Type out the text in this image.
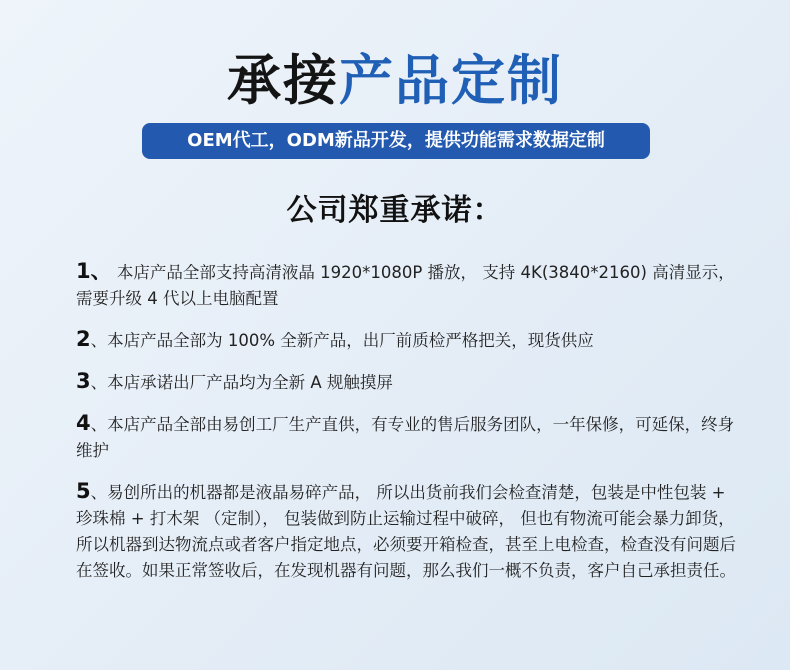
承接产品定制
OEM代工，ODM新品开发，提供功能需求数据定制
公司郑重承诺：
1、 本店产品全部支持高清液晶 1920*1080P 播放， 支持 4K(3840*2160) 高清显示，需要升级 4 代以上电脑配置
2、本店产品全部为 100% 全新产品，出厂前质检严格把关，现货供应
3、本店承诺出厂产品均为全新 A 规触摸屏
4、本店产品全部由易创工厂生产直供，有专业的售后服务团队，一年保修，可延保，终身维护
5、易创所出的机器都是液晶易碎产品， 所以出货前我们会检查清楚，包装是中性包装 + 珍珠棉 + 打木架 （定制）， 包装做到防止运输过程中破碎， 但也有物流可能会暴力卸货， 所以机器到达物流点或者客户指定地点，必须要开箱检查，甚至上电检查，检查没有问题后在签收。如果正常签收后，在发现机器有问题，那么我们一概不负责，客户自己承担责任。
